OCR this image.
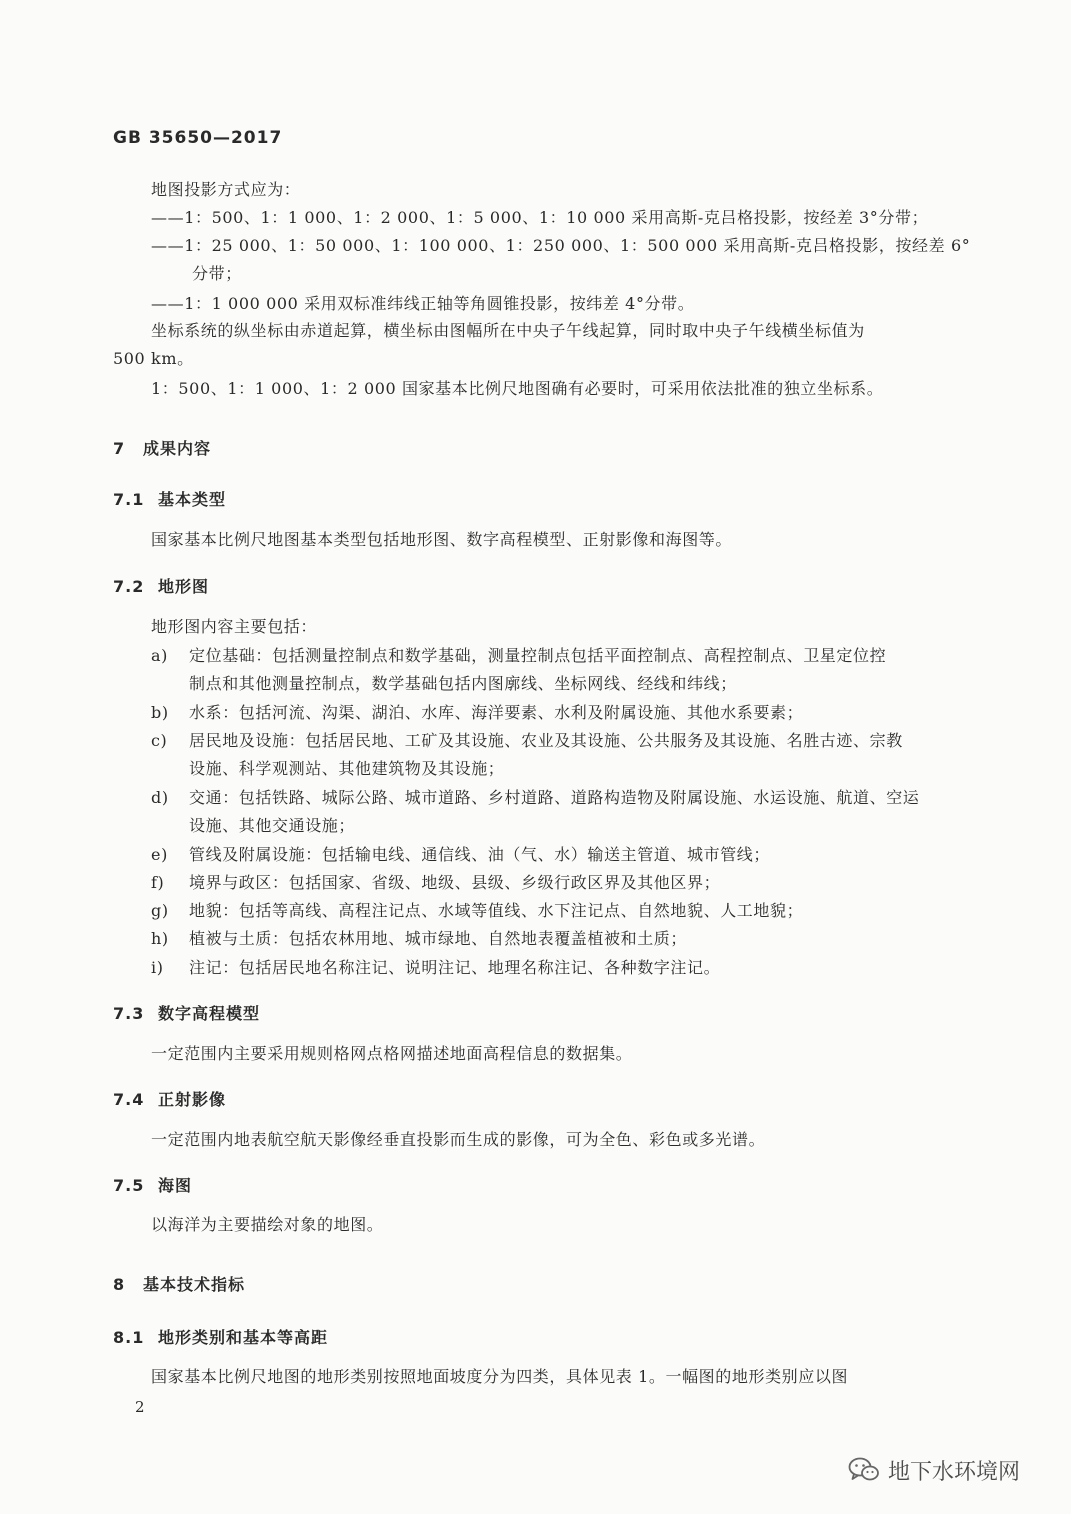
GB 35650—2017
地图投影方式应为：
——1：500、1：1 000、1：2 000、1：5 000、1：10 000 采用高斯-克吕格投影，按经差 3°分带；
——1：25 000、1：50 000、1：100 000、1：250 000、1：500 000 采用高斯-克吕格投影，按经差 6°
分带；
——1：1 000 000 采用双标准纬线正轴等角圆锥投影，按纬差 4°分带。
坐标系统的纵坐标由赤道起算，横坐标由图幅所在中央子午线起算，同时取中央子午线横坐标值为
500 km。
1：500、1：1 000、1：2 000 国家基本比例尺地图确有必要时，可采用依法批准的独立坐标系。
7 成果内容
7.1 基本类型
国家基本比例尺地图基本类型包括地形图、数字高程模型、正射影像和海图等。
7.2 地形图
地形图内容主要包括：
a) 定位基础：包括测量控制点和数学基础，测量控制点包括平面控制点、高程控制点、卫星定位控
制点和其他测量控制点，数学基础包括内图廓线、坐标网线、经线和纬线；
b) 水系：包括河流、沟渠、湖泊、水库、海洋要素、水利及附属设施、其他水系要素；
c) 居民地及设施：包括居民地、工矿及其设施、农业及其设施、公共服务及其设施、名胜古迹、宗教
设施、科学观测站、其他建筑物及其设施；
d) 交通：包括铁路、城际公路、城市道路、乡村道路、道路构造物及附属设施、水运设施、航道、空运
设施、其他交通设施；
e) 管线及附属设施：包括输电线、通信线、油（气、水）输送主管道、城市管线；
f) 境界与政区：包括国家、省级、地级、县级、乡级行政区界及其他区界；
g) 地貌：包括等高线、高程注记点、水域等值线、水下注记点、自然地貌、人工地貌；
h) 植被与土质：包括农林用地、城市绿地、自然地表覆盖植被和土质；
i) 注记：包括居民地名称注记、说明注记、地理名称注记、各种数字注记。
7.3 数字高程模型
一定范围内主要采用规则格网点格网描述地面高程信息的数据集。
7.4 正射影像
一定范围内地表航空航天影像经垂直投影而生成的影像，可为全色、彩色或多光谱。
7.5 海图
以海洋为主要描绘对象的地图。
8 基本技术指标
8.1 地形类别和基本等高距
国家基本比例尺地图的地形类别按照地面坡度分为四类，具体见表 1。一幅图的地形类别应以图
2
地下水环境网
